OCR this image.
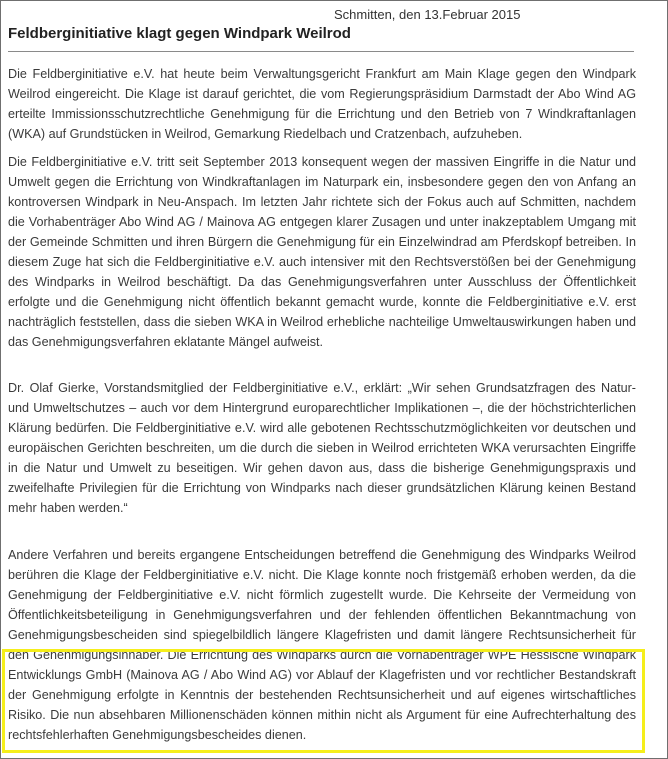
Schmitten, den 13.Februar 2015
Feldberginitiative klagt gegen Windpark Weilrod

Die Feldberginitiative e.V. hat heute beim Verwaltungsgericht Frankfurt am Main Klage gegen den Windpark Weilrod eingereicht. Die Klage ist darauf gerichtet, die vom Regierungspräsidium Darmstadt der Abo Wind AG erteilte Immissionsschutzrechtliche Genehmigung für die Errichtung und den Betrieb von 7 Windkraftanlagen (WKA) auf Grundstücken in Weilrod, Gemarkung Riedelbach und Cratzenbach, aufzuheben.

Die Feldberginitiative e.V. tritt seit September 2013 konsequent wegen der massiven Eingriffe in die Natur und Umwelt gegen die Errichtung von Windkraftanlagen im Naturpark ein, insbesondere gegen den von Anfang an kontroversen Windpark in Neu-Anspach. Im letzten Jahr richtete sich der Fokus auch auf Schmitten, nachdem die Vorhabenträger Abo Wind AG / Mainova AG entgegen klarer Zusagen und unter inakzeptablem Umgang mit der Gemeinde Schmitten und ihren Bürgern die Genehmigung für ein Einzelwindrad am Pferdskopf betreiben. In diesem Zuge hat sich die Feldberginitiative e.V. auch intensiver mit den Rechtsverstößen bei der Genehmigung des Windparks in Weilrod beschäftigt. Da das Genehmigungsverfahren unter Ausschluss der Öffentlichkeit erfolgte und die Genehmigung nicht öffentlich bekannt gemacht wurde, konnte die Feldberginitiative e.V. erst nachträglich feststellen, dass die sieben WKA in Weilrod erhebliche nachteilige Umweltauswirkungen haben und das Genehmigungsverfahren eklatante Mängel aufweist.

Dr. Olaf Gierke, Vorstandsmitglied der Feldberginitiative e.V., erklärt: „Wir sehen Grundsatzfragen des Natur- und Umweltschutzes – auch vor dem Hintergrund europarechtlicher Implikationen –, die der höchstrichterlichen Klärung bedürfen. Die Feldberginitiative e.V. wird alle gebotenen Rechtsschutzmöglichkeiten vor deutschen und europäischen Gerichten beschreiten, um die durch die sieben in Weilrod errichteten WKA verursachten Eingriffe in die Natur und Umwelt zu beseitigen. Wir gehen davon aus, dass die bisherige Genehmigungspraxis und zweifelhafte Privilegien für die Errichtung von Windparks nach dieser grundsätzlichen Klärung keinen Bestand mehr haben werden.“

Andere Verfahren und bereits ergangene Entscheidungen betreffend die Genehmigung des Windparks Weilrod berühren die Klage der Feldberginitiative e.V. nicht. Die Klage konnte noch fristgemäß erhoben werden, da die Genehmigung der Feldberginitiative e.V. nicht förmlich zugestellt wurde. Die Kehrseite der Vermeidung von Öffentlichkeitsbeteiligung in Genehmigungsverfahren und der fehlenden öffentlichen Bekanntmachung von Genehmigungsbescheiden sind spiegelbildlich längere Klagefristen und damit längere Rechtsunsicherheit für den Genehmigungsinhaber. Die Errichtung des Windparks durch die Vorhabenträger WPE Hessische Windpark Entwicklungs GmbH (Mainova AG / Abo Wind AG) vor Ablauf der Klagefristen und vor rechtlicher Bestandskraft der Genehmigung erfolgte in Kenntnis der bestehenden Rechtsunsicherheit und auf eigenes wirtschaftliches Risiko. Die nun absehbaren Millionenschäden können mithin nicht als Argument für eine Aufrechterhaltung des rechtsfehlerhaften Genehmigungsbescheides dienen.
